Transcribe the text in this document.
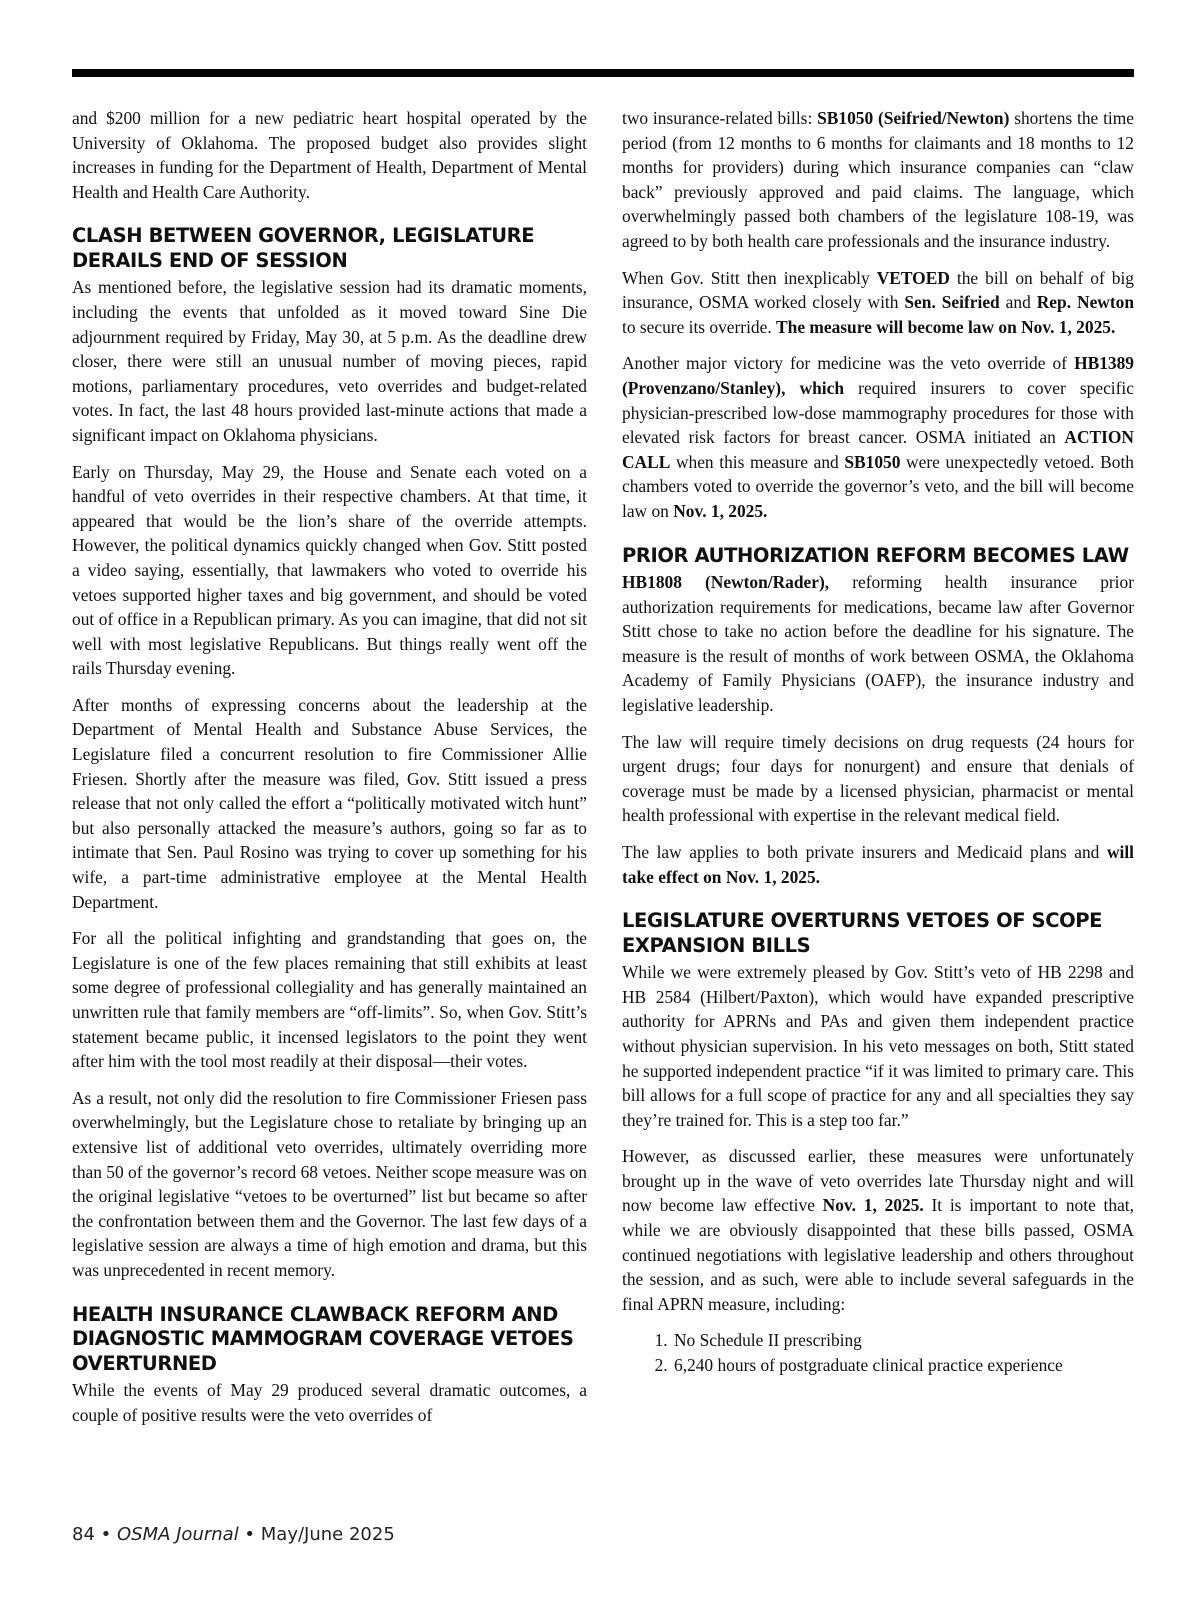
and $200 million for a new pediatric heart hospital operated by the University of Oklahoma. The proposed budget also provides slight increases in funding for the Department of Health, Department of Mental Health and Health Care Authority.

CLASH BETWEEN GOVERNOR, LEGISLATURE DERAILS END OF SESSION

As mentioned before, the legislative session had its dramatic moments, including the events that unfolded as it moved toward Sine Die adjournment required by Friday, May 30, at 5 p.m. As the deadline drew closer, there were still an unusual number of moving pieces, rapid motions, parliamentary procedures, veto overrides and budget-related votes. In fact, the last 48 hours provided last-minute actions that made a significant impact on Oklahoma physicians.

Early on Thursday, May 29, the House and Senate each voted on a handful of veto overrides in their respective chambers. At that time, it appeared that would be the lion’s share of the override attempts. However, the political dynamics quickly changed when Gov. Stitt posted a video saying, essentially, that lawmakers who voted to override his vetoes supported higher taxes and big government, and should be voted out of office in a Republican primary. As you can imagine, that did not sit well with most legislative Republicans. But things really went off the rails Thursday evening.

After months of expressing concerns about the leadership at the Department of Mental Health and Substance Abuse Services, the Legislature filed a concurrent resolution to fire Commissioner Allie Friesen. Shortly after the measure was filed, Gov. Stitt issued a press release that not only called the effort a “politically motivated witch hunt” but also personally attacked the measure’s authors, going so far as to intimate that Sen. Paul Rosino was trying to cover up something for his wife, a part-time administrative employee at the Mental Health Department.

For all the political infighting and grandstanding that goes on, the Legislature is one of the few places remaining that still exhibits at least some degree of professional collegiality and has generally maintained an unwritten rule that family members are “off-limits”. So, when Gov. Stitt’s statement became public, it incensed legislators to the point they went after him with the tool most readily at their disposal—their votes.

As a result, not only did the resolution to fire Commissioner Friesen pass overwhelmingly, but the Legislature chose to retaliate by bringing up an extensive list of additional veto overrides, ultimately overriding more than 50 of the governor’s record 68 vetoes. Neither scope measure was on the original legislative “vetoes to be overturned” list but became so after the confrontation between them and the Governor. The last few days of a legislative session are always a time of high emotion and drama, but this was unprecedented in recent memory.

HEALTH INSURANCE CLAWBACK REFORM AND DIAGNOSTIC MAMMOGRAM COVERAGE VETOES OVERTURNED

While the events of May 29 produced several dramatic outcomes, a couple of positive results were the veto overrides of

two insurance-related bills: SB1050 (Seifried/Newton) shortens the time period (from 12 months to 6 months for claimants and 18 months to 12 months for providers) during which insurance companies can “claw back” previously approved and paid claims. The language, which overwhelmingly passed both chambers of the legislature 108-19, was agreed to by both health care professionals and the insurance industry.

When Gov. Stitt then inexplicably VETOED the bill on behalf of big insurance, OSMA worked closely with Sen. Seifried and Rep. Newton to secure its override. The measure will become law on Nov. 1, 2025.

Another major victory for medicine was the veto override of HB1389 (Provenzano/Stanley), which required insurers to cover specific physician-prescribed low-dose mammography procedures for those with elevated risk factors for breast cancer. OSMA initiated an ACTION CALL when this measure and SB1050 were unexpectedly vetoed. Both chambers voted to override the governor’s veto, and the bill will become law on Nov. 1, 2025.

PRIOR AUTHORIZATION REFORM BECOMES LAW

HB1808 (Newton/Rader), reforming health insurance prior authorization requirements for medications, became law after Governor Stitt chose to take no action before the deadline for his signature. The measure is the result of months of work between OSMA, the Oklahoma Academy of Family Physicians (OAFP), the insurance industry and legislative leadership.

The law will require timely decisions on drug requests (24 hours for urgent drugs; four days for nonurgent) and ensure that denials of coverage must be made by a licensed physician, pharmacist or mental health professional with expertise in the relevant medical field.

The law applies to both private insurers and Medicaid plans and will take effect on Nov. 1, 2025.

LEGISLATURE OVERTURNS VETOES OF SCOPE EXPANSION BILLS

While we were extremely pleased by Gov. Stitt’s veto of HB 2298 and HB 2584 (Hilbert/Paxton), which would have expanded prescriptive authority for APRNs and PAs and given them independent practice without physician supervision. In his veto messages on both, Stitt stated he supported independent practice “if it was limited to primary care. This bill allows for a full scope of practice for any and all specialties they say they’re trained for. This is a step too far.”

However, as discussed earlier, these measures were unfortunately brought up in the wave of veto overrides late Thursday night and will now become law effective Nov. 1, 2025. It is important to note that, while we are obviously disappointed that these bills passed, OSMA continued negotiations with legislative leadership and others throughout the session, and as such, were able to include several safeguards in the final APRN measure, including:

1. No Schedule II prescribing
2. 6,240 hours of postgraduate clinical practice experience
84 • OSMA Journal • May/June 2025
